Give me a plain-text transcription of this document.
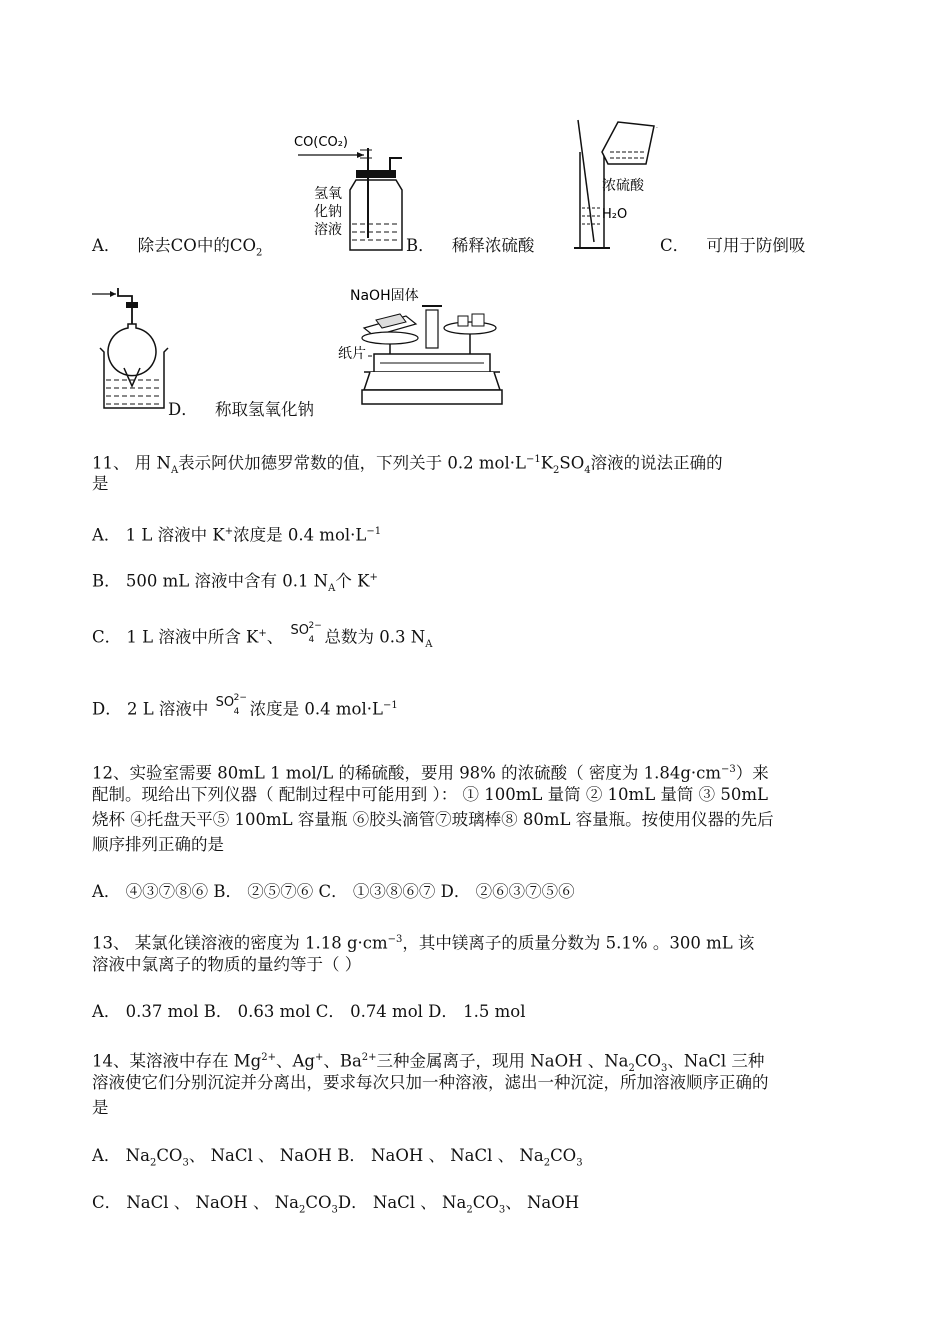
A． 除去CO中的$CO_2$
CO(CO₂)
氢氧
化钠
溶液
B． 稀释浓硫酸
·
浓硫酸
H₂O
C． 可用于防倒吸
D． 称取氢氧化钠
NaOH固体
纸片
11、 用 $N_A$表示阿伏加德罗常数的值，下列关于 0.2 $mol\cdot L^{-1}K_2SO_4$溶液的说法正确的
是
A． 1 L 溶液中 K+浓度是 0.4 $mol\cdot L^{-1}$
B． 500 mL 溶液中含有 0.1 $N_A$个 K+
C． 1 L 溶液中所含 K+、 SO 2−
4 总数为 0.3 $N_A$
D． 2 L 溶液中 SO 2−
4 浓度是 0.4 $mol\cdot L^{-1}$
12、实验室需要 80mL 1 mol/L 的稀硫酸，要用 98% 的浓硫酸（ 密度为 $1.84g\cdot cm^{-3}$）来
配制。现给出下列仪器（ 配制过程中可能用到 ）： ① 100mL 量筒 ② 10mL 量筒 ③ 50mL
烧杯 ④托盘天平⑤ 100mL 容量瓶 ⑥胶头滴管⑦玻璃棒⑧ 80mL 容量瓶。按使用仪器的先后
顺序排列正确的是
A． ④③⑦⑧⑥ B． ②⑤⑦⑥ C． ①③⑧⑥⑦ D． ②⑥③⑦⑤⑥
13、 某氯化镁溶液的密度为 1.18 $g\cdot cm^{-3}$，其中镁离子的质量分数为 5.1% 。300 mL 该
溶液中氯离子的物质的量约等于（ ）
A． 0.37 mol B． 0.63 mol C． 0.74 mol D． 1.5 mol
14、某溶液中存在 $Mg^{2+}$、Ag+、$Ba^{2+}$三种金属离子，现用 NaOH 、$Na_2CO_3$、NaCl 三种
溶液使它们分别沉淀并分离出，要求每次只加一种溶液，滤出一种沉淀，所加溶液顺序正确的
是
A． $Na_2CO_3$、 NaCl 、 NaOH B． NaOH 、 NaCl 、 $Na_2CO_3$
C． NaCl 、 NaOH 、 $Na_2CO_3D$． NaCl 、 $Na_2CO_3$、 NaOH
